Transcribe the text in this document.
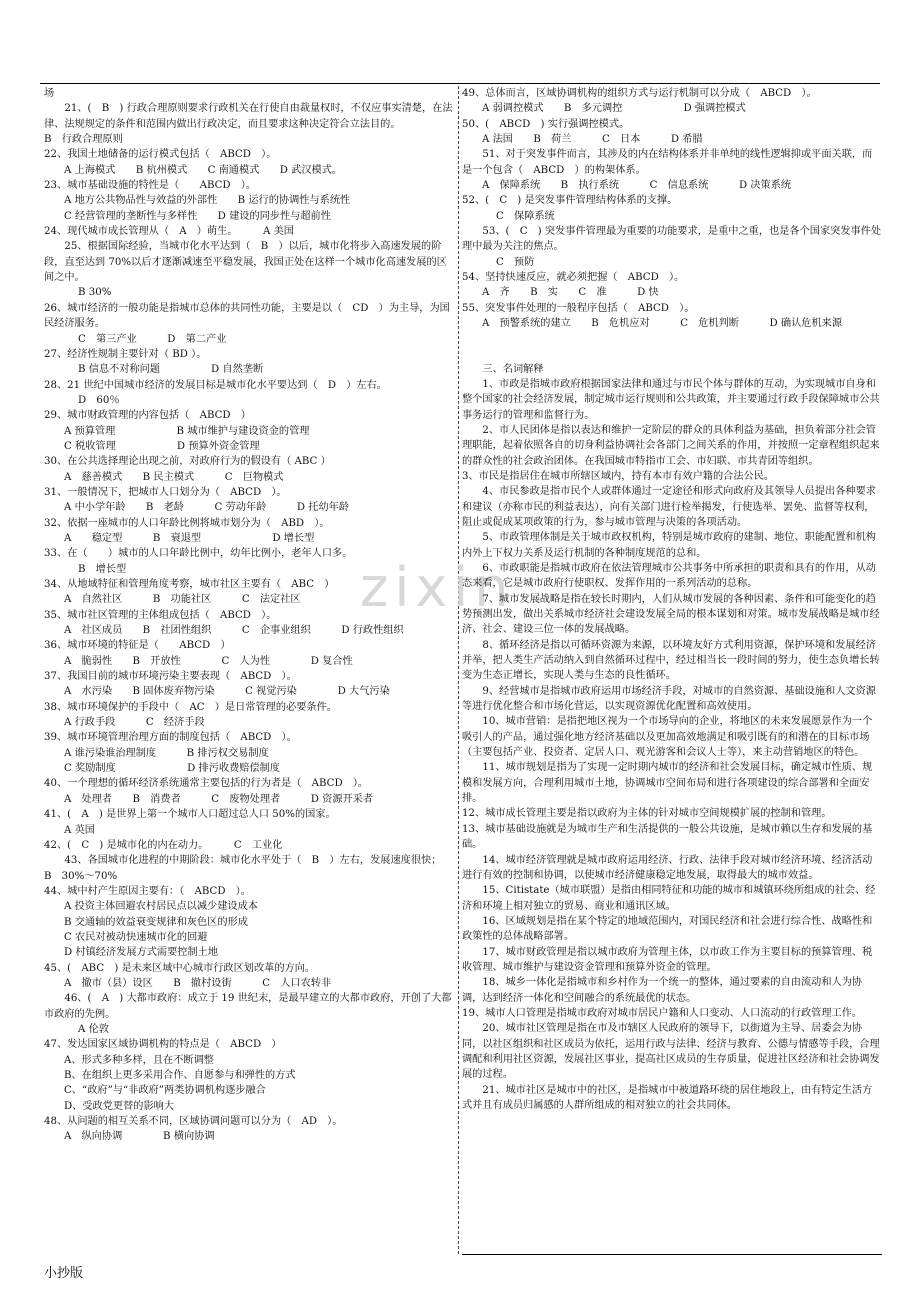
zixin

场

21、(　B　) 行政合理原则要求行政机关在行使自由裁量权时，不仅应事实清楚，在法律、法规规定的条件和范围内做出行政决定，而且要求这种决定符合立法目的。

B　行政合理原则

22、我国土地储备的运行模式包括（　ABCD　）。

A 上海模式　　B 杭州模式　　C 南通模式　　D 武汉模式。

23、城市基础设施的特性是（　　ABCD　）。

A 地方公共物品性与效益的外部性　　B 运行的协调性与系统性

C 经营管理的垄断性与多样性　　D 建设的同步性与超前性

24、现代城市成长管理从（　A　）萌生。　　　A 美国

25、根据国际经验，当城市化水平达到（　B　）以后，城市化将步入高速发展的阶段，直至达到 70%以后才逐渐减速至平稳发展，我国正处在这样一个城市化高速发展的区间之中。

B 30%

26、城市经济的一般功能是指城市总体的共同性功能，主要是以（　CD　）为主导，为国民经济服务。

C　第三产业　　　D　第二产业

27、经济性规制主要针对（ BD ）。

B 信息不对称问题　　　　　D 自然垄断

28、21 世纪中国城市经济的发展目标是城市化水平要达到（　D　）左右。

D　60％

29、城市财政管理的内容包括（　ABCD　）

A 预算管理　　　　　　B 城市维护与建设资金的管理

C 税收管理　　　　　　D 预算外资金管理

30、在公共选择理论出现之前，对政府行为的假设有（ ABC ）

A　慈善模式　　B 民主模式　　　C　巨物模式

31、一般情况下，把城市人口划分为（　ABCD　）。

A 中小学年龄　　B　老龄　　　C 劳动年龄　　　D 托幼年龄

32、依据一座城市的人口年龄比例将城市划分为（　ABD　）。

A　　稳定型　　　B　衰退型　　　　　　　D 增长型

33、在（　　）城市的人口年龄比例中，幼年比例小，老年人口多。

B　增长型

34、从地域特征和管理角度考察，城市社区主要有（　ABC　）

A　自然社区　　　B　功能社区　　　C　法定社区

35、城市社区管理的主体组成包括（　ABCD　）。

A　社区成员　　B　社团性组织　　　C　企事业组织　　　D 行政性组织

36、城市环境的特征是（　　ABCD　）

A　脆弱性　　B　开放性　　　　C　人为性　　　　D 复合性

37、我国目前的城市环境污染主要表现（　ABCD　）。

A　水污染　　B 固体废弃物污染　　　C 视觉污染　　　　D 大气污染

38、城市环境保护的手段中（　AC　）是日常管理的必要条件。

A 行政手段　　　C　经济手段

39、城市环境管理治理方面的制度包括（　ABCD　）。

A 谁污染谁治理制度　　　B 排污权交易制度

C 奖励制度　　　　　　　D 排污收费赔偿制度

40、一个理想的循环经济系统通常主要包括的行为者是（　ABCD　）。

A　处理者　　B　消费者　　　C　废物处理者　　　D 资源开采者

41、(　A　) 是世界上第一个城市人口超过总人口 50%的国家。

A 英国

42、(　C　) 是城市化的内在动力。　　　C　工业化

43、各国城市化进程的中期阶段：城市化水平处于（　B　）左右，发展速度很快；　　　　　B　30%～70%

44、城中村产生原因主要有：（　ABCD　）。

A 投资主体回避农村居民点以减少建设成本

B 交通轴的效益衰变规律和灰色区的形成

C 农民对被动快速城市化的回避

D 村镇经济发展方式需要控制土地

45、(　ABC　) 是未来区域中心城市行政区划改革的方向。

A　撤市（县）设区　　B　撤村设街　　　C　人口农转非

46、(　A　) 大都市政府：成立于 19 世纪末，是最早建立的大都市政府，开创了大都市政府的先例。

A 伦敦

47、发达国家区域协调机构的特点是（　ABCD　）

A、形式多种多样，且在不断调整

B、在组织上更多采用合作、自愿参与和弹性的方式

C、“政府”与“非政府”两类协调机构逐步融合

D、受政党更替的影响大

48、从问题的相互关系不同，区域协调问题可以分为（　AD　）。

A　纵向协调　　　　B 横向协调

49、总体而言，区域协调机构的组织方式与运行机制可以分成（　ABCD　）。

A 弱调控模式　　B　多元调控　　　　　　D 强调控模式

50、(　ABCD　) 实行强调控模式。

A 法国　　B　荷兰　　　C　日本　　　D 希腊

51、对于突发事件而言，其涉及的内在结构体系并非单纯的线性逻辑抑或平面关联，而是一个包含（　ABCD　）的构架体系。

A　保障系统　　B　执行系统　　　C　信息系统　　　D 决策系统

52、(　C　) 是突发事件管理结构体系的支撑。

C　保障系统

53、(　C　) 突发事件管理最为重要的功能要求，是重中之重，也是各个国家突发事件处理中最为关注的焦点。

C　预防

54、坚持快速反应，就必须把握（　ABCD　）。

A　齐　　B　实　　C　准　　　D 快

55、突发事件处理的一般程序包括（　ABCD　）。

A　预警系统的建立　　B　危机应对　　　C　危机判断　　　D 确认危机来源

三、名词解释

1、市政是指城市政府根据国家法律和通过与市民个体与群体的互动，为实现城市自身和整个国家的社会经济发展，制定城市运行规则和公共政策，并主要通过行政手段保障城市公共事务运行的管理和监督行为。

2、市人民团体是指以表达和维护一定阶层的群众的具体利益为基础，担负着部分社会管理职能，起着依照各自的切身利益协调社会各部门之间关系的作用，并按照一定章程组织起来的群众性的社会政治团体。在我国城市特指市工会、市妇联、市共青团等组织。

3、市民是指居住在城市所辖区域内，持有本市有效户籍的合法公民。

4、市民参政是指市民个人或群体通过一定途径和形式向政府及其领导人员提出各种要求和建议（亦称市民的利益表达），向有关部门进行检举揭发，行使选举、罢免、监督等权利，阻止或促成某项政策的行为，参与城市管理与决策的各项活动。

5、市政管理体制是关于城市政权机构，特别是城市政府的建制、地位、职能配置和机构内外上下权力关系及运行机制的各种制度规范的总和。

6、市政职能是指城市政府在依法管理城市公共事务中所承担的职责和具有的作用，从动态来看，它是城市政府行使职权、发挥作用的一系列活动的总称。

7、城市发展战略是指在较长时期内，人们从城市发展的各种因素、条件和可能变化的趋势预测出发，做出关系城市经济社会建设发展全局的根本谋划和对策。城市发展战略是城市经济、社会、建设三位一体的发展战略。

8、循环经济是指以可循环资源为来源，以环境友好方式利用资源，保护环境和发展经济并举，把人类生产活动纳入到自然循环过程中，经过相当长一段时间的努力，使生态负增长转变为生态正增长，实现人类与生态的良性循环。

9、经营城市是指城市政府运用市场经济手段，对城市的自然资源、基础设施和人文资源等进行优化整合和市场化营运，以实现资源优化配置和高效使用。

10、城市营销：是指把地区视为一个市场导向的企业，将地区的未来发展愿景作为一个吸引人的产品，通过强化地方经济基础以及更加高效地满足和吸引既有的和潜在的目标市场（主要包括产业、投资者、定居人口、观光游客和会议人士等），来主动营销地区的特色。

11、城市规划是指为了实现一定时期内城市的经济和社会发展目标，确定城市性质、规模和发展方向，合理利用城市土地，协调城市空间布局和进行各项建设的综合部署和全面安排。

12、城市成长管理主要是指以政府为主体的针对城市空间规模扩展的控制和管理。

13、城市基础设施就是为城市生产和生活提供的一般公共设施，是城市赖以生存和发展的基础。

14、城市经济管理就是城市政府运用经济、行政、法律手段对城市经济环境、经济活动进行有效的控制和协调，以使城市经济健康稳定地发展，取得最大的城市效益。

15、Citistate（城市联盟）是指由相同特征和功能的城市和城镇环绕所组成的社会、经济和环境上相对独立的贸易、商业和通讯区域。

16、区域规划是指在某个特定的地域范围内，对国民经济和社会进行综合性、战略性和政策性的总体战略部署。

17、城市财政管理是指以城市政府为管理主体，以市政工作为主要目标的预算管理、税收管理、城市维护与建设资金管理和预算外资金的管理。

18、城乡一体化是指城市和乡村作为一个统一的整体，通过要素的自由流动和人为协调，达到经济一体化和空间融合的系统最优的状态。

19、城市人口管理是指城市政府对城市居民户籍和人口变动、人口流动的行政管理工作。

20、城市社区管理是指在市及市辖区人民政府的领导下，以街道为主导、居委会为协同，以社区组织和社区成员为依托，运用行政与法律、经济与教育、公德与情感等手段，合理调配和利用社区资源，发展社区事业，提高社区成员的生存质量，促进社区经济和社会协调发展的过程。

21、城市社区是城市中的社区，是指城市中被道路环绕的居住地段上，由有特定生活方式并且有成员归属感的人群所组成的相对独立的社会共同体。

小抄版
